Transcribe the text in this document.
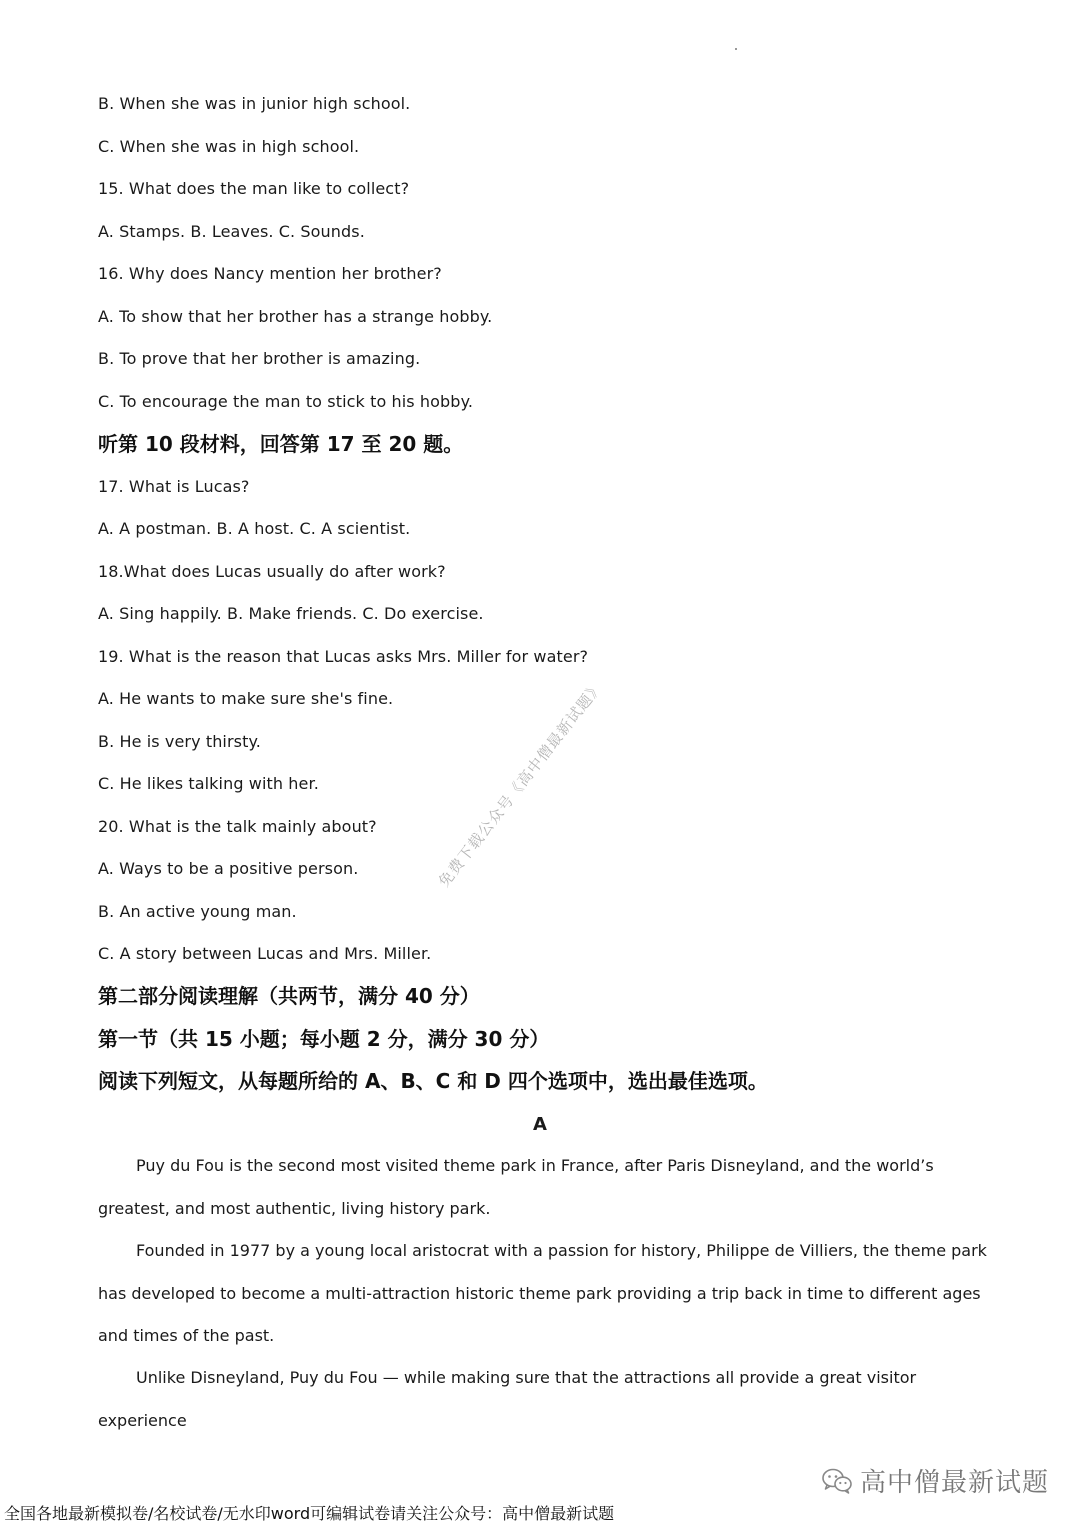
B. When she was in junior high school.
C. When she was in high school.
15. What does the man like to collect?
A. Stamps. B. Leaves. C. Sounds.
16. Why does Nancy mention her brother?
A. To show that her brother has a strange hobby.
B. To prove that her brother is amazing.
C. To encourage the man to stick to his hobby.
听第 10 段材料，回答第 17 至 20 题。
17. What is Lucas?
A. A postman. B. A host. C. A scientist.
18.What does Lucas usually do after work?
A. Sing happily. B. Make friends. C. Do exercise.
19. What is the reason that Lucas asks Mrs. Miller for water?
A. He wants to make sure she's fine.
B. He is very thirsty.
C. He likes talking with her.
20. What is the talk mainly about?
A. Ways to be a positive person.
B. An active young man.
C. A story between Lucas and Mrs. Miller.
第二部分阅读理解（共两节，满分 40 分）
第一节（共 15 小题；每小题 2 分，满分 30 分）
阅读下列短文，从每题所给的 A、B、C 和 D 四个选项中，选出最佳选项。
A
Puy du Fou is the second most visited theme park in France, after Paris Disneyland, and the world’s greatest, and most authentic, living history park.
Founded in 1977 by a young local aristocrat with a passion for history, Philippe de Villiers, the theme park has developed to become a multi-attraction historic theme park providing a trip back in time to different ages and times of the past.
Unlike Disneyland, Puy du Fou — while making sure that the attractions all provide a great visitor experience
免费下载公众号《高中僧最新试题》
高中僧最新试题
全国各地最新模拟卷/名校试卷/无水印word可编辑试卷请关注公众号：高中僧最新试题
